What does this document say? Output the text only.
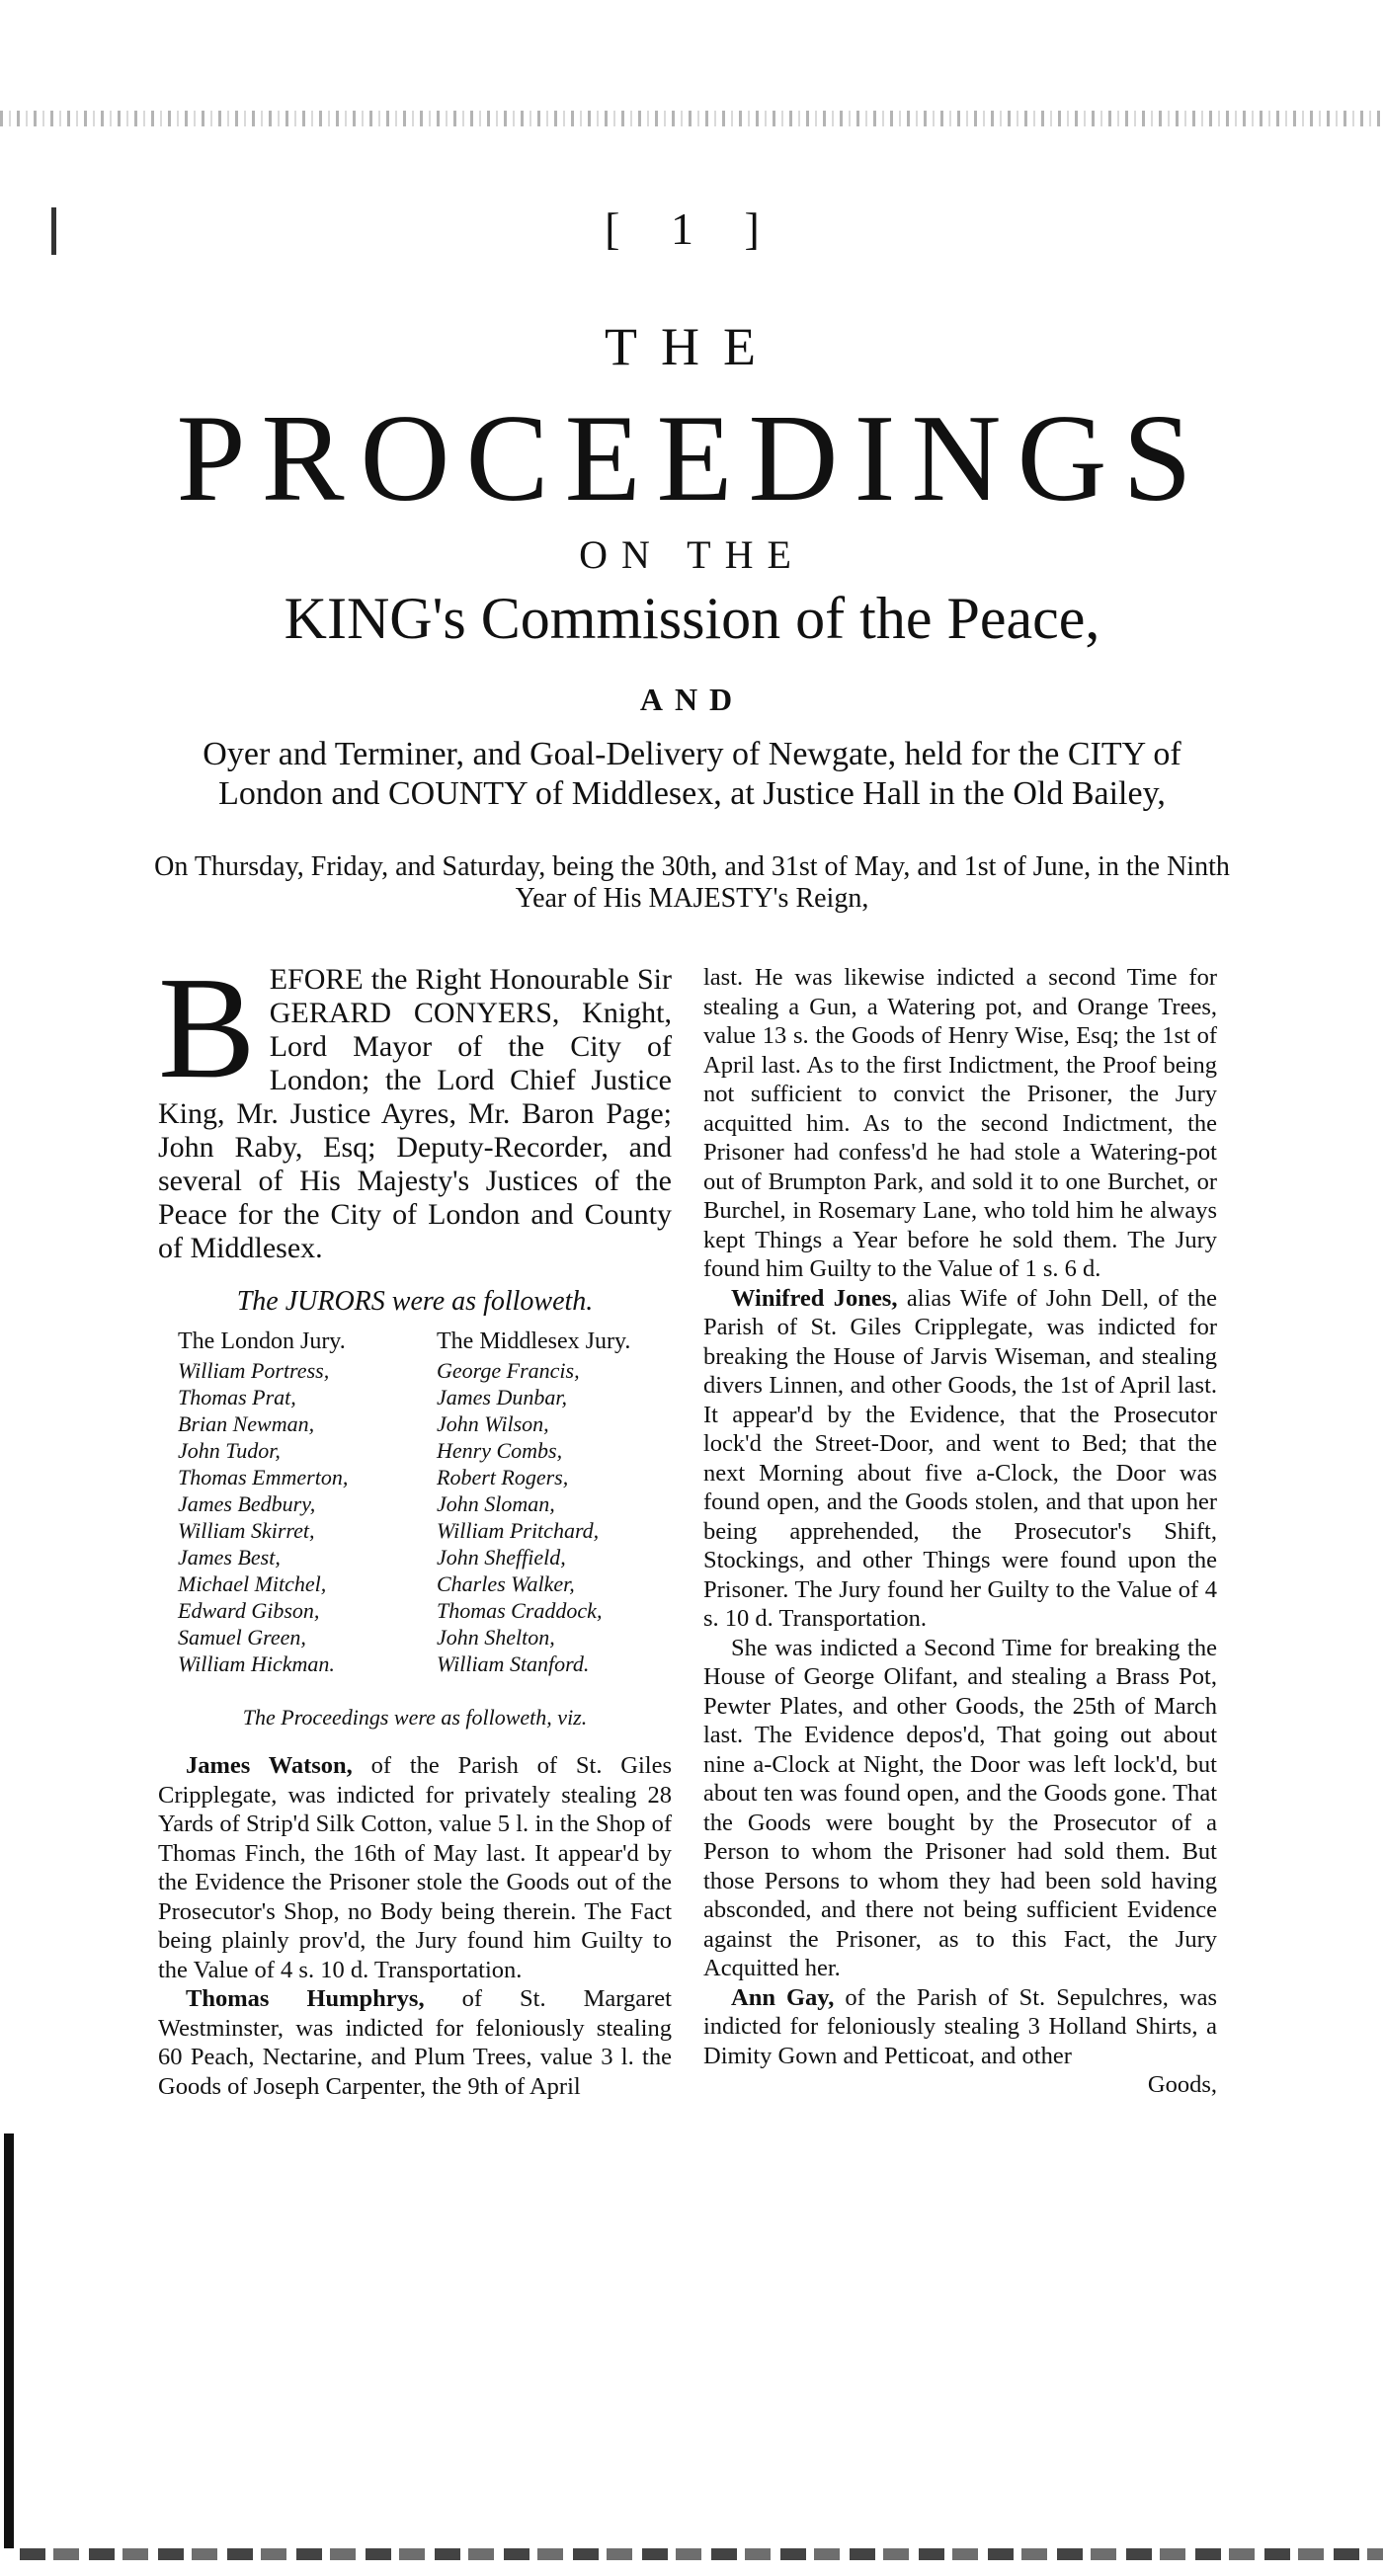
[ 1 ]
THE
PROCEEDINGS
ON THE
KING's Commission of the Peace,
AND
Oyer and Terminer, and Goal-Delivery of Newgate, held for the CITY of London and COUNTY of Middlesex, at Justice Hall in the Old Bailey,
On Thursday, Friday, and Saturday, being the 30th, and 31st of May, and 1st of June, in the Ninth Year of His MAJESTY's Reign,
BEFORE the Right Honourable Sir GERARD CONYERS, Knight, Lord Mayor of the City of London; the Lord Chief Justice King, Mr. Justice Ayres, Mr. Baron Page; John Raby, Esq; Deputy-Recorder, and several of His Majesty's Justices of the Peace for the City of London and County of Middlesex.
The JURORS were as followeth.
The London Jury.
William Portress,
Thomas Prat,
Brian Newman,
John Tudor,
Thomas Emmerton,
James Bedbury,
William Skirret,
James Best,
Michael Mitchel,
Edward Gibson,
Samuel Green,
William Hickman.
The Middlesex Jury.
George Francis,
James Dunbar,
John Wilson,
Henry Combs,
Robert Rogers,
John Sloman,
William Pritchard,
John Sheffield,
Charles Walker,
Thomas Craddock,
John Shelton,
William Stanford.
The Proceedings were as followeth, viz.

James Watson, of the Parish of St. Giles Cripplegate, was indicted for privately stealing 28 Yards of Strip'd Silk Cotton, value 5 l. in the Shop of Thomas Finch, the 16th of May last. It appear'd by the Evidence the Prisoner stole the Goods out of the Prosecutor's Shop, no Body being therein. The Fact being plainly prov'd, the Jury found him Guilty to the Value of 4 s. 10 d. Transportation.

Thomas Humphrys, of St. Margaret Westminster, was indicted for feloniously stealing 60 Peach, Nectarine, and Plum Trees, value 3 l. the Goods of Joseph Carpenter, the 9th of April

last. He was likewise indicted a second Time for stealing a Gun, a Watering pot, and Orange Trees, value 13 s. the Goods of Henry Wise, Esq; the 1st of April last. As to the first Indictment, the Proof being not sufficient to convict the Prisoner, the Jury acquitted him. As to the second Indictment, the Prisoner had confess'd he had stole a Watering-pot out of Brumpton Park, and sold it to one Burchet, or Burchel, in Rosemary Lane, who told him he always kept Things a Year before he sold them. The Jury found him Guilty to the Value of 1 s. 6 d.

Winifred Jones, alias Wife of John Dell, of the Parish of St. Giles Cripplegate, was indicted for breaking the House of Jarvis Wiseman, and stealing divers Linnen, and other Goods, the 1st of April last. It appear'd by the Evidence, that the Prosecutor lock'd the Street-Door, and went to Bed; that the next Morning about five a-Clock, the Door was found open, and the Goods stolen, and that upon her being apprehended, the Prosecutor's Shift, Stockings, and other Things were found upon the Prisoner. The Jury found her Guilty to the Value of 4 s. 10 d. Transportation.

She was indicted a Second Time for breaking the House of George Olifant, and stealing a Brass Pot, Pewter Plates, and other Goods, the 25th of March last. The Evidence depos'd, That going out about nine a-Clock at Night, the Door was left lock'd, but about ten was found open, and the Goods gone. That the Goods were bought by the Prosecutor of a Person to whom the Prisoner had sold them. But those Persons to whom they had been sold having absconded, and there not being sufficient Evidence against the Prisoner, as to this Fact, the Jury Acquitted her.

Ann Gay, of the Parish of St. Sepulchres, was indicted for feloniously stealing 3 Holland Shirts, a Dimity Gown and Petticoat, and other

Goods,
